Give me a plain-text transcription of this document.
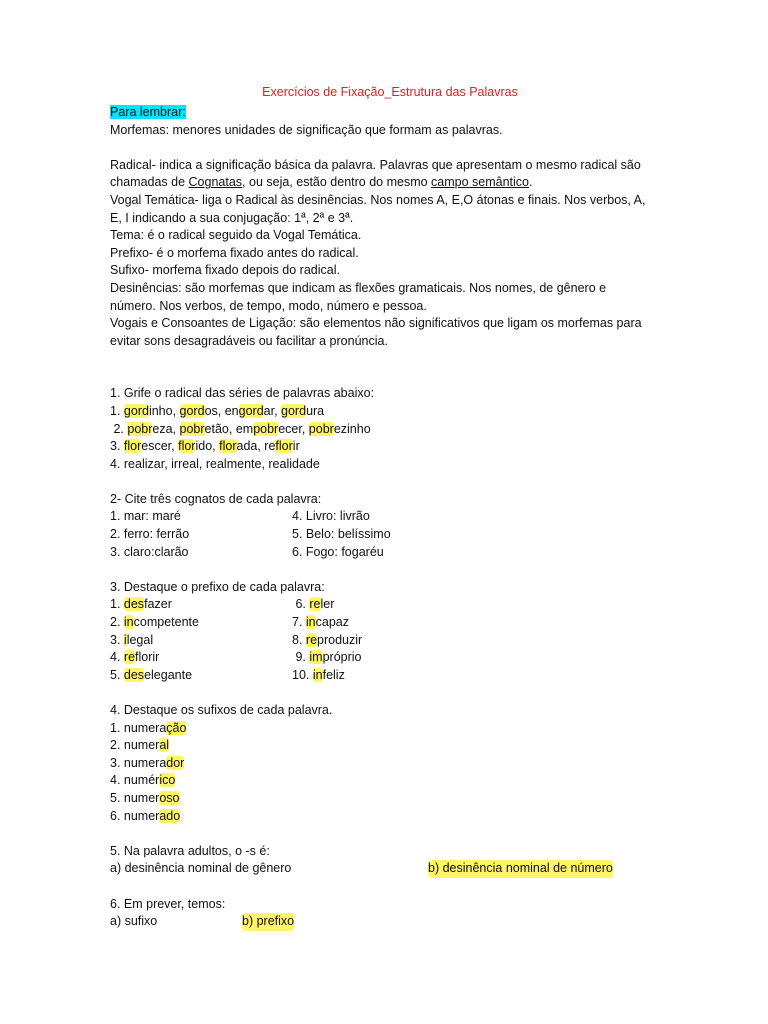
Exercícios de Fixação_Estrutura das Palavras
Para lembrar:
Morfemas: menores unidades de significação que formam as palavras.
Radical- indica a significação básica da palavra. Palavras que apresentam o mesmo radical são
chamadas de Cognatas, ou seja, estão dentro do mesmo campo semântico.
Vogal Temática- liga o Radical às desinências. Nos nomes A, E,O átonas e finais. Nos verbos, A,
E, I indicando a sua conjugação: 1ª, 2ª e 3ª.
Tema: é o radical seguido da Vogal Temática.
Prefixo- é o morfema fixado antes do radical.
Sufixo- morfema fixado depois do radical.
Desinências: são morfemas que indicam as flexões gramaticais. Nos nomes, de gênero e
número. Nos verbos, de tempo, modo, número e pessoa.
Vogais e Consoantes de Ligação: são elementos não significativos que ligam os morfemas para
evitar sons desagradáveis ou facilitar a pronúncia.
1. Grife o radical das séries de palavras abaixo:
1. gordinho, gordos, engordar, gordura
2. pobreza, pobretão, empobrecer, pobrezinho
3. florescer, florido, florada, reflorir
4. realizar, irreal, realmente, realidade
2- Cite três cognatos de cada palavra:
1. mar: maré	4. Livro: livrão
2. ferro: ferrão	5. Belo: belíssimo
3. claro:clarão	6. Fogo: fogaréu
3. Destaque o prefixo de cada palavra:
1. desfazer	6. reler
2. incompetente	7. incapaz
3. ilegal	8. reproduzir
4. reflorir	9. impróprio
5. deselegante	10. infeliz
4. Destaque os sufixos de cada palavra.
1. numeração
2. numeral
3. numerador
4. numérico
5. numeroso
6. numerado
5. Na palavra adultos, o -s é:
a) desinência nominal de gênero	b) desinência nominal de número
6. Em prever, temos:
a) sufixo	b) prefixo
